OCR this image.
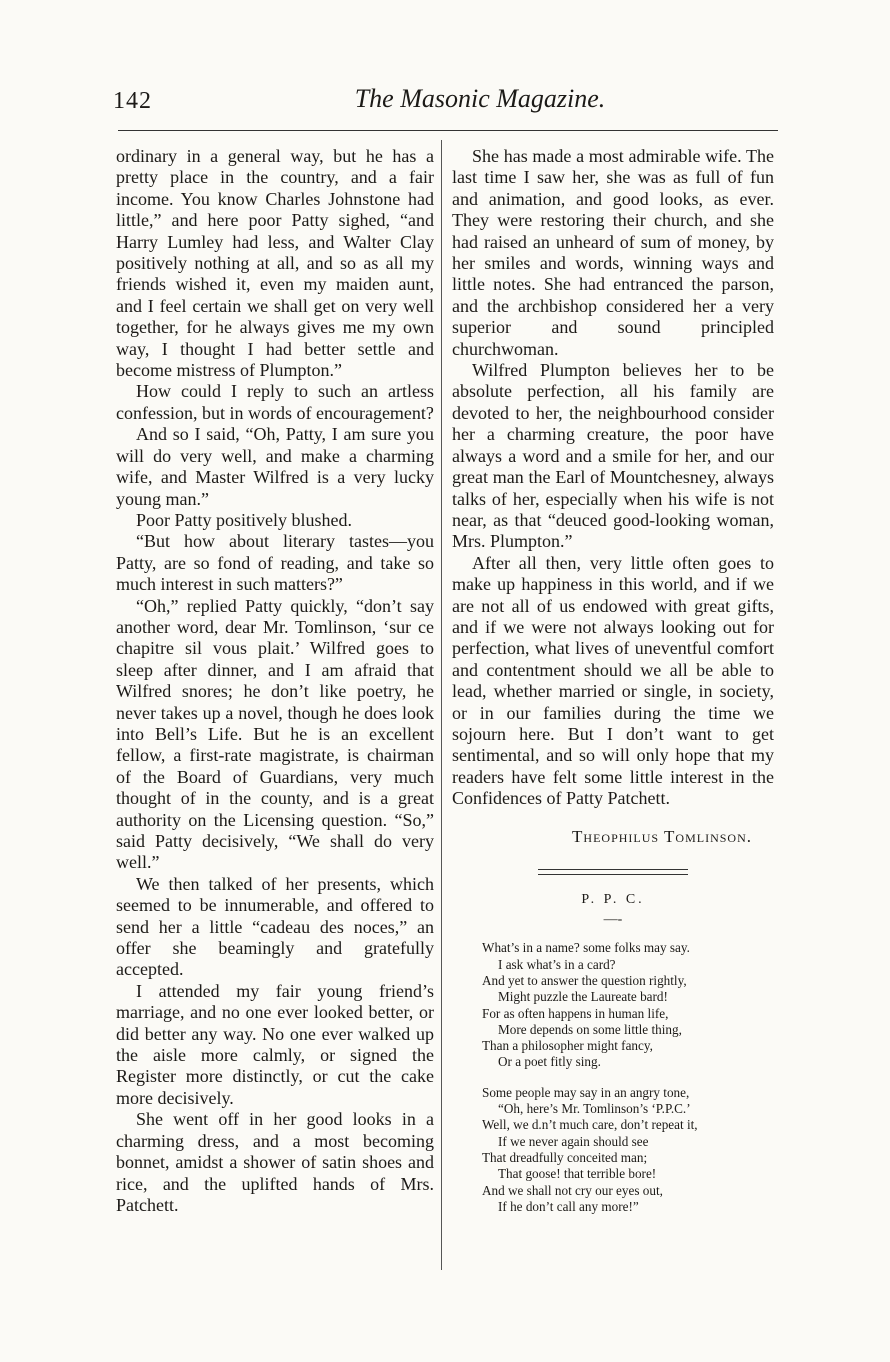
142	The Masonic Magazine.

ordinary in a general way, but he has a pretty place in the country, and a fair income. You know Charles Johnstone had little,” and here poor Patty sighed, “and Harry Lumley had less, and Walter Clay positively nothing at all, and so as all my friends wished it, even my maiden aunt, and I feel certain we shall get on very well together, for he always gives me my own way, I thought I had better settle and become mistress of Plumpton.”

How could I reply to such an artless confession, but in words of encouragement?

And so I said, “Oh, Patty, I am sure you will do very well, and make a charming wife, and Master Wilfred is a very lucky young man.”

Poor Patty positively blushed.

“But how about literary tastes—you Patty, are so fond of reading, and take so much interest in such matters?”

“Oh,” replied Patty quickly, “don’t say another word, dear Mr. Tomlinson, ‘sur ce chapitre sil vous plait.’ Wilfred goes to sleep after dinner, and I am afraid that Wilfred snores; he don’t like poetry, he never takes up a novel, though he does look into Bell’s Life. But he is an excellent fellow, a first-rate magistrate, is chairman of the Board of Guardians, very much thought of in the county, and is a great authority on the Licensing question. “So,” said Patty decisively, “We shall do very well.”

We then talked of her presents, which seemed to be innumerable, and offered to send her a little “cadeau des noces,” an offer she beamingly and gratefully accepted.

I attended my fair young friend’s marriage, and no one ever looked better, or did better any way. No one ever walked up the aisle more calmly, or signed the Register more distinctly, or cut the cake more decisively.

She went off in her good looks in a charming dress, and a most becoming bonnet, amidst a shower of satin shoes and rice, and the uplifted hands of Mrs. Patchett.

She has made a most admirable wife. The last time I saw her, she was as full of fun and animation, and good looks, as ever. They were restoring their church, and she had raised an unheard of sum of money, by her smiles and words, winning ways and little notes. She had entranced the parson, and the archbishop considered her a very superior and sound principled churchwoman.

Wilfred Plumpton believes her to be absolute perfection, all his family are devoted to her, the neighbourhood consider her a charming creature, the poor have always a word and a smile for her, and our great man the Earl of Mountchesney, always talks of her, especially when his wife is not near, as that “deuced good-looking woman, Mrs. Plumpton.”

After all then, very little often goes to make up happiness in this world, and if we are not all of us endowed with great gifts, and if we were not always looking out for perfection, what lives of uneventful comfort and contentment should we all be able to lead, whether married or single, in society, or in our families during the time we sojourn here. But I don’t want to get sentimental, and so will only hope that my readers have felt some little interest in the Confidences of Patty Patchett.

Theophilus Tomlinson.
P. P. C.
—-
What’s in a name? some folks may say.
I ask what’s in a card?
And yet to answer the question rightly,
Might puzzle the Laureate bard!
For as often happens in human life,
More depends on some little thing,
Than a philosopher might fancy,
Or a poet fitly sing.
Some people may say in an angry tone,
“Oh, here’s Mr. Tomlinson’s ‘P.P.C.’
Well, we d.n’t much care, don’t repeat it,
If we never again should see
That dreadfully conceited man;
That goose! that terrible bore!
And we shall not cry our eyes out,
If he don’t call any more!”
